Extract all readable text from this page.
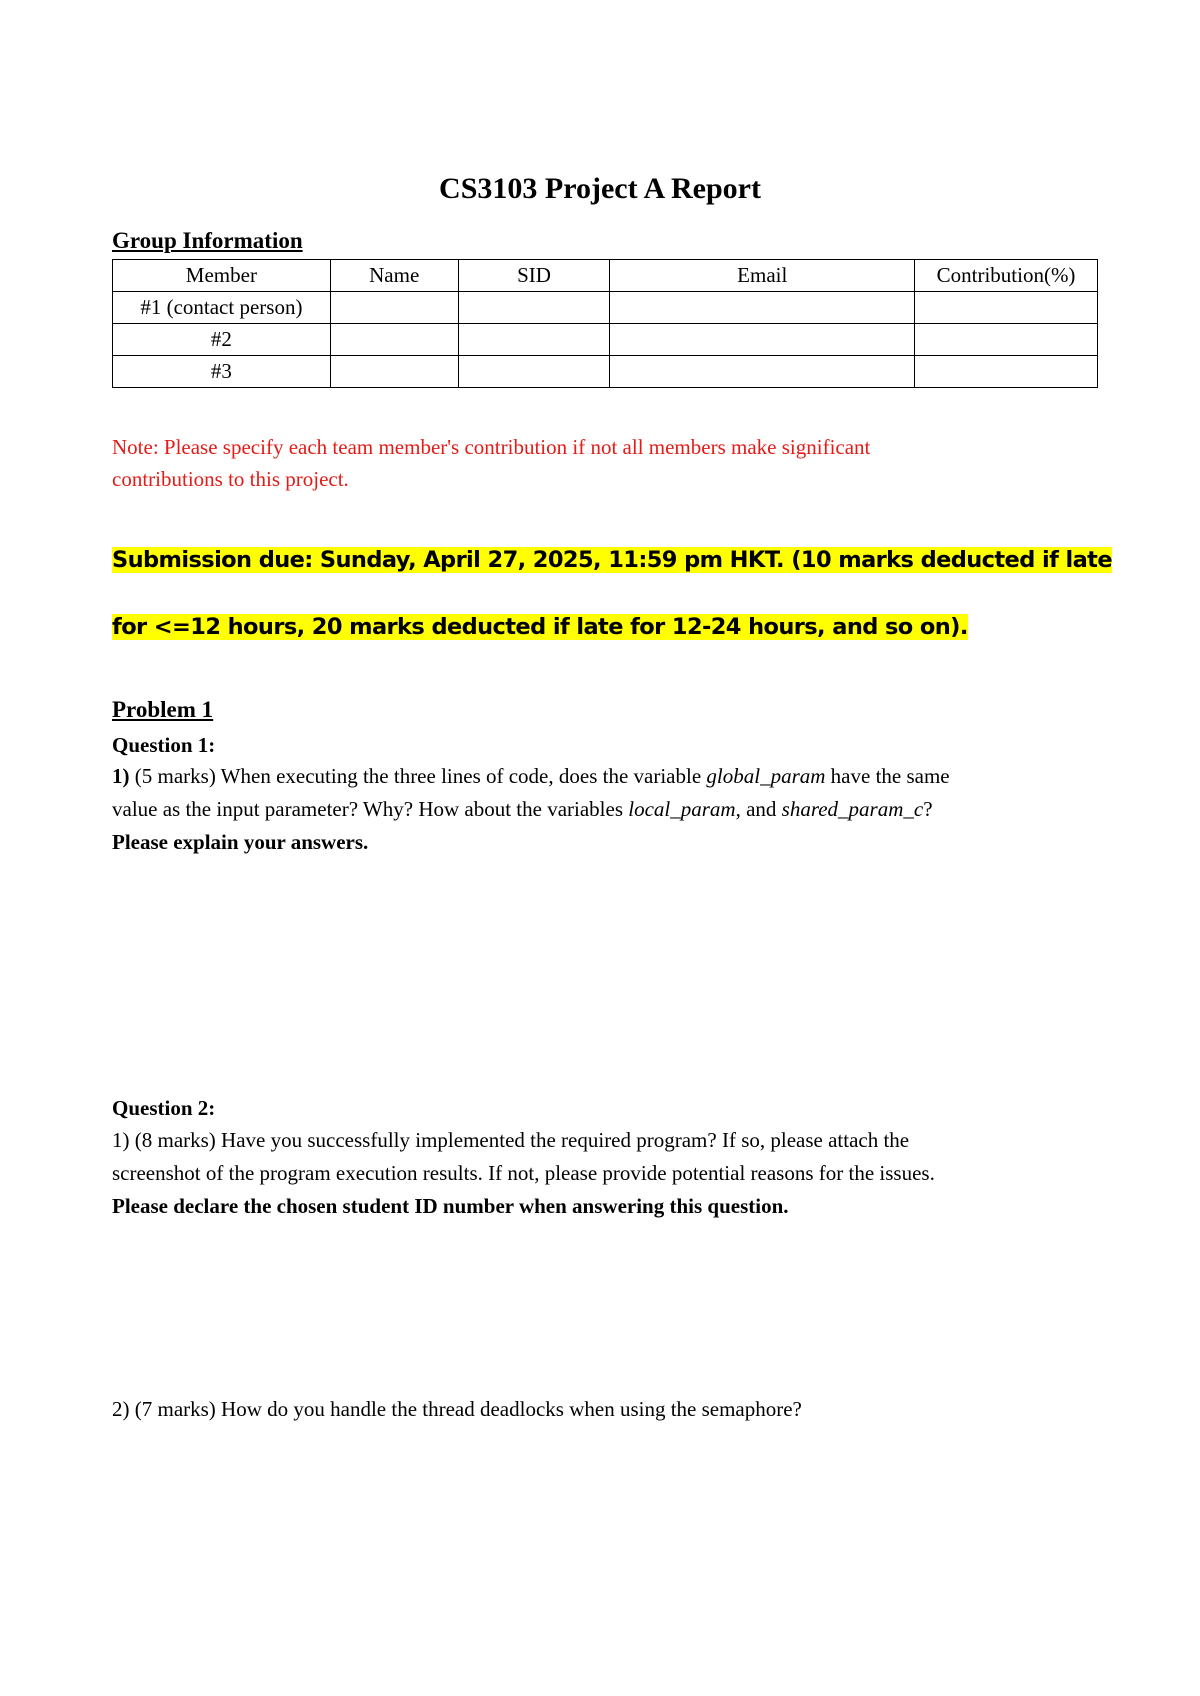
CS3103 Project A Report
Group Information
Member	Name	SID	Email	Contribution(%)
#1 (contact person)				
#2				
#3				
Note: Please specify each team member's contribution if not all members make significant
contributions to this project.
Submission due: Sunday, April 27, 2025, 11:59 pm HKT. (10 marks deducted if late
for <=12 hours, 20 marks deducted if late for 12-24 hours, and so on).
Problem 1
Question 1:
1) (5 marks) When executing the three lines of code, does the variable global_param have the same
value as the input parameter? Why? How about the variables local_param, and shared_param_c?
Please explain your answers.
Question 2:
1) (8 marks) Have you successfully implemented the required program? If so, please attach the
screenshot of the program execution results. If not, please provide potential reasons for the issues.
Please declare the chosen student ID number when answering this question.
2) (7 marks) How do you handle the thread deadlocks when using the semaphore?
